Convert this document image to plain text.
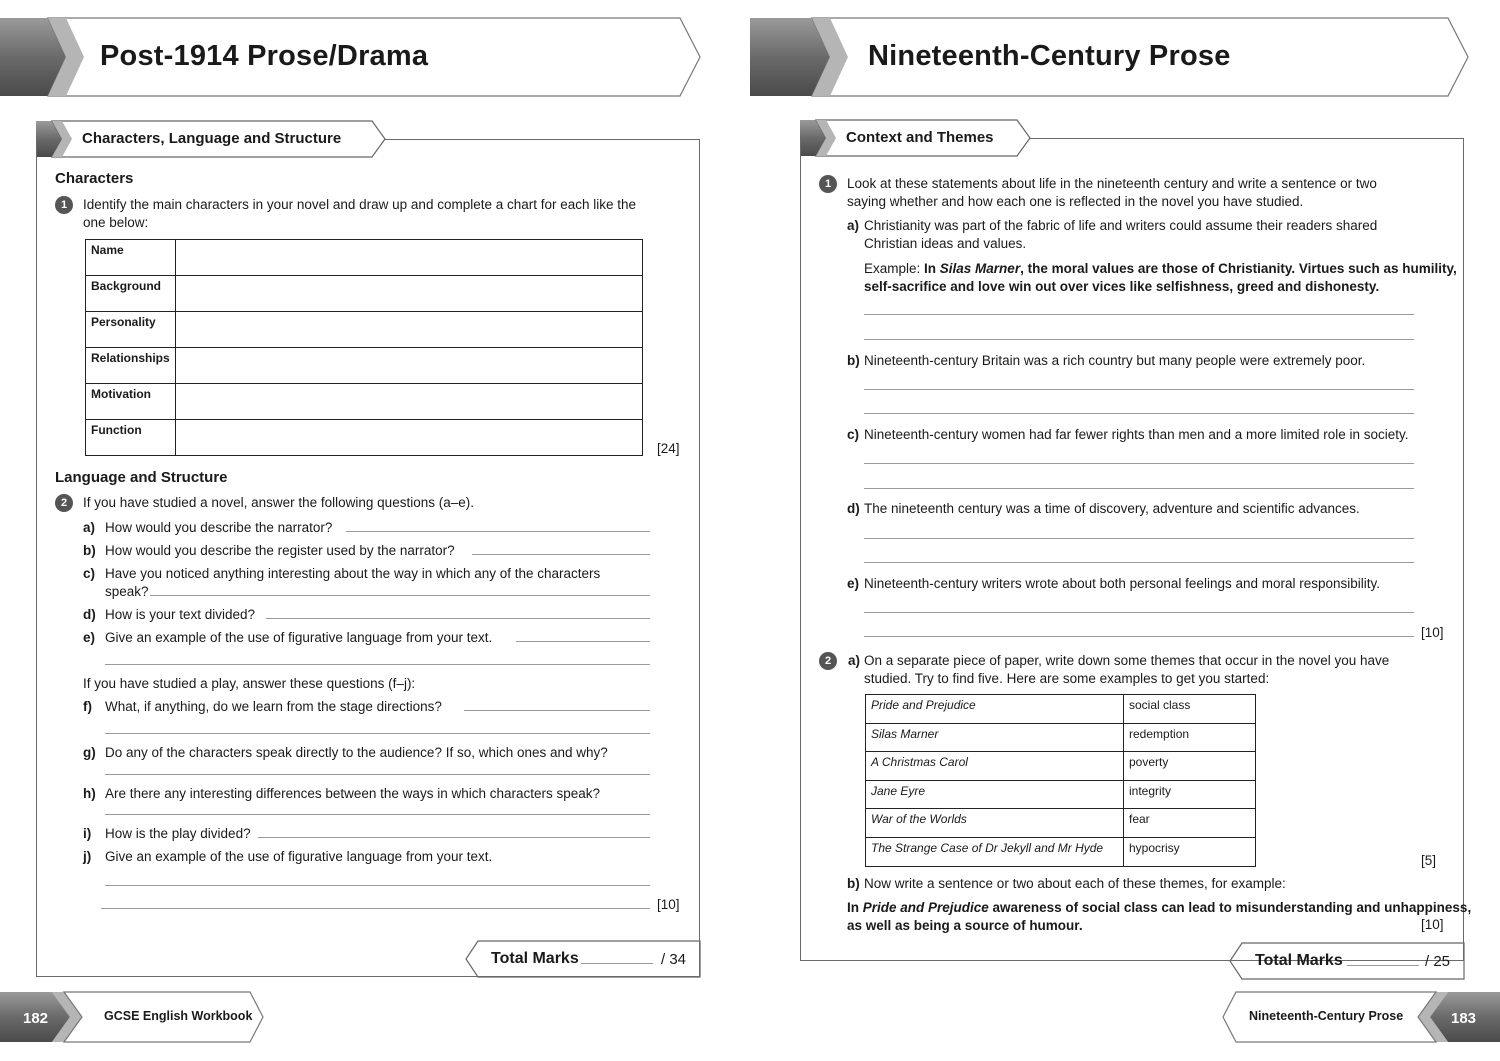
Post-1914 Prose/Drama	Nineteenth-Century Prose
Characters, Language and Structure	Context and Themes
Characters
1	Identify the main characters in your novel and draw up and complete a chart for each like the
one below:
Name	
Background	
Personality	
Relationships	
Motivation	
Function	
[24]
Language and Structure
2	If you have studied a novel, answer the following questions (a–e).
a) How would you describe the narrator?
b) How would you describe the register used by the narrator?
c) Have you noticed anything interesting about the way in which any of the characters
speak?
d) How is your text divided?
e) Give an example of the use of figurative language from your text.
If you have studied a play, answer these questions (f–j):
f) What, if anything, do we learn from the stage directions?
g) Do any of the characters speak directly to the audience? If so, which ones and why?
h) Are there any interesting differences between the ways in which characters speak?
i) How is the play divided?
j) Give an example of the use of figurative language from your text.
[10]
Total Marks	/ 34
182	GCSE English Workbook
1	Look at these statements about life in the nineteenth century and write a sentence or two
saying whether and how each one is reflected in the novel you have studied.
a) Christianity was part of the fabric of life and writers could assume their readers shared
Christian ideas and values.
Example: In Silas Marner, the moral values are those of Christianity. Virtues such as humility,
self-sacrifice and love win out over vices like selfishness, greed and dishonesty.
b) Nineteenth-century Britain was a rich country but many people were extremely poor.
c) Nineteenth-century women had far fewer rights than men and a more limited role in society.
d) The nineteenth century was a time of discovery, adventure and scientific advances.
e) Nineteenth-century writers wrote about both personal feelings and moral responsibility.
[10]
2	a) On a separate piece of paper, write down some themes that occur in the novel you have
studied. Try to find five. Here are some examples to get you started:
Pride and Prejudice	social class
Silas Marner	redemption
A Christmas Carol	poverty
Jane Eyre	integrity
War of the Worlds	fear
The Strange Case of Dr Jekyll and Mr Hyde	hypocrisy
[5]
b) Now write a sentence or two about each of these themes, for example:
In Pride and Prejudice awareness of social class can lead to misunderstanding and unhappiness,
as well as being a source of humour.	[10]
Total Marks	/ 25
Nineteenth-Century Prose	183
